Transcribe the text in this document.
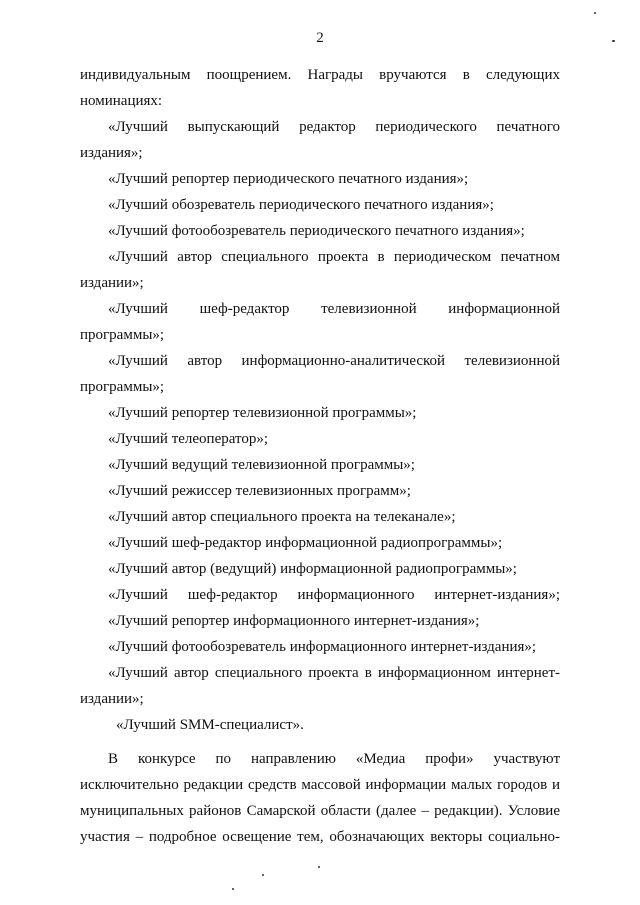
2

индивидуальным поощрением. Награды вручаются в следующих

номинациях:

«Лучший выпускающий редактор периодического печатного

издания»;

«Лучший репортер периодического печатного издания»;

«Лучший обозреватель периодического печатного издания»;

«Лучший фотообозреватель периодического печатного издания»;

«Лучший автор специального проекта в периодическом печатном

издании»;

«Лучший шеф-редактор телевизионной информационной

программы»;

«Лучший автор информационно-аналитической телевизионной

программы»;

«Лучший репортер телевизионной программы»;

«Лучший телеоператор»;

«Лучший ведущий телевизионной программы»;

«Лучший режиссер телевизионных программ»;

«Лучший автор специального проекта на телеканале»;

«Лучший шеф-редактор информационной радиопрограммы»;

«Лучший автор (ведущий) информационной радиопрограммы»;

«Лучший шеф-редактор информационного интернет-издания»;

«Лучший репортер информационного интернет-издания»;

«Лучший фотообозреватель информационного интернет-издания»;

«Лучший автор специального проекта в информационном интернет-

издании»;

«Лучший SMM-специалист».

В конкурсе по направлению «Медиа профи» участвуют

исключительно редакции средств массовой информации малых городов и

муниципальных районов Самарской области (далее – редакции). Условие

участия – подробное освещение тем, обозначающих векторы социально-
